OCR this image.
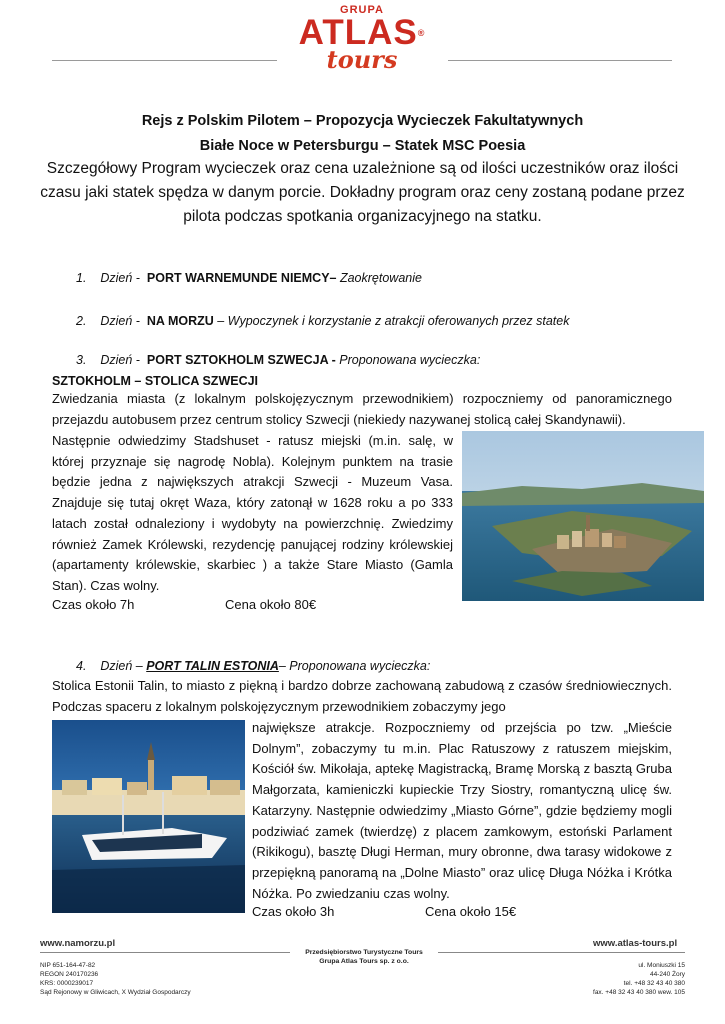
GRUPA
ATLAS®
tours
Rejs z Polskim Pilotem – Propozycja Wycieczek Fakultatywnych
Białe Noce w Petersburgu – Statek MSC Poesia
Szczegółowy Program wycieczek oraz cena uzależnione są od ilości uczestników oraz ilości czasu jaki statek spędza w danym porcie. Dokładny program oraz ceny zostaną podane przez pilota podczas spotkania organizacyjnego na statku.
1. Dzień - PORT WARNEMUNDE NIEMCY– Zaokrętowanie
2. Dzień - NA MORZU – Wypoczynek i korzystanie z atrakcji oferowanych przez statek
3. Dzień - PORT SZTOKHOLM SZWECJA - Proponowana wycieczka:
SZTOKHOLM – STOLICA SZWECJI
Zwiedzania miasta (z lokalnym polskojęzycznym przewodnikiem) rozpoczniemy od panoramicznego przejazdu autobusem przez centrum stolicy Szwecji (niekiedy nazywanej stolicą całej Skandynawii).
Następnie odwiedzimy Stadshuset - ratusz miejski (m.in. salę, w której przyznaje się nagrodę Nobla). Kolejnym punktem na trasie będzie jedna z największych atrakcji Szwecji - Muzeum Vasa. Znajduje się tutaj okręt Waza, który zatonął w 1628 roku a po 333 latach został odnaleziony i wydobyty na powierzchnię. Zwiedzimy również Zamek Królewski, rezydencję panującej rodziny królewskiej (apartamenty królewskie, skarbiec ) a także Stare Miasto (Gamla Stan). Czas wolny.
Czas około 7h	Cena około 80€
4. Dzień – PORT TALIN ESTONIA– Proponowana wycieczka:
Stolica Estonii Talin, to miasto z piękną i bardzo dobrze zachowaną zabudową z czasów średniowiecznych. Podczas spaceru z lokalnym polskojęzycznym przewodnikiem zobaczymy jego
największe atrakcje. Rozpoczniemy od przejścia po tzw. „Mieście Dolnym”, zobaczymy tu m.in. Plac Ratuszowy z ratuszem miejskim, Kościół św. Mikołaja, aptekę Magistracką, Bramę Morską z basztą Gruba Małgorzata, kamieniczki kupieckie Trzy Siostry, romantyczną ulicę św. Katarzyny. Następnie odwiedzimy „Miasto Górne”, gdzie będziemy mogli podziwiać zamek (twierdzę) z placem zamkowym, estoński Parlament (Rikikogu), basztę Długi Herman, mury obronne, dwa tarasy widokowe z przepiękną panoramą na „Dolne Miasto” oraz ulicę Długa Nóżka i Krótka Nóżka. Po zwiedzaniu czas wolny.
Czas około 3h	Cena około 15€
www.namorzu.pl	www.atlas-tours.pl
Przedsiębiorstwo Turystyczne Tours
Grupa Atlas Tours sp. z o.o.
NIP 651-164-47-82
REGON 240170236
KRS: 0000239017
Sąd Rejonowy w Gliwicach, X Wydział Gospodarczy
ul. Moniuszki 15
44-240 Żory
tel. +48 32 43 40 380
fax. +48 32 43 40 380 wew. 105
